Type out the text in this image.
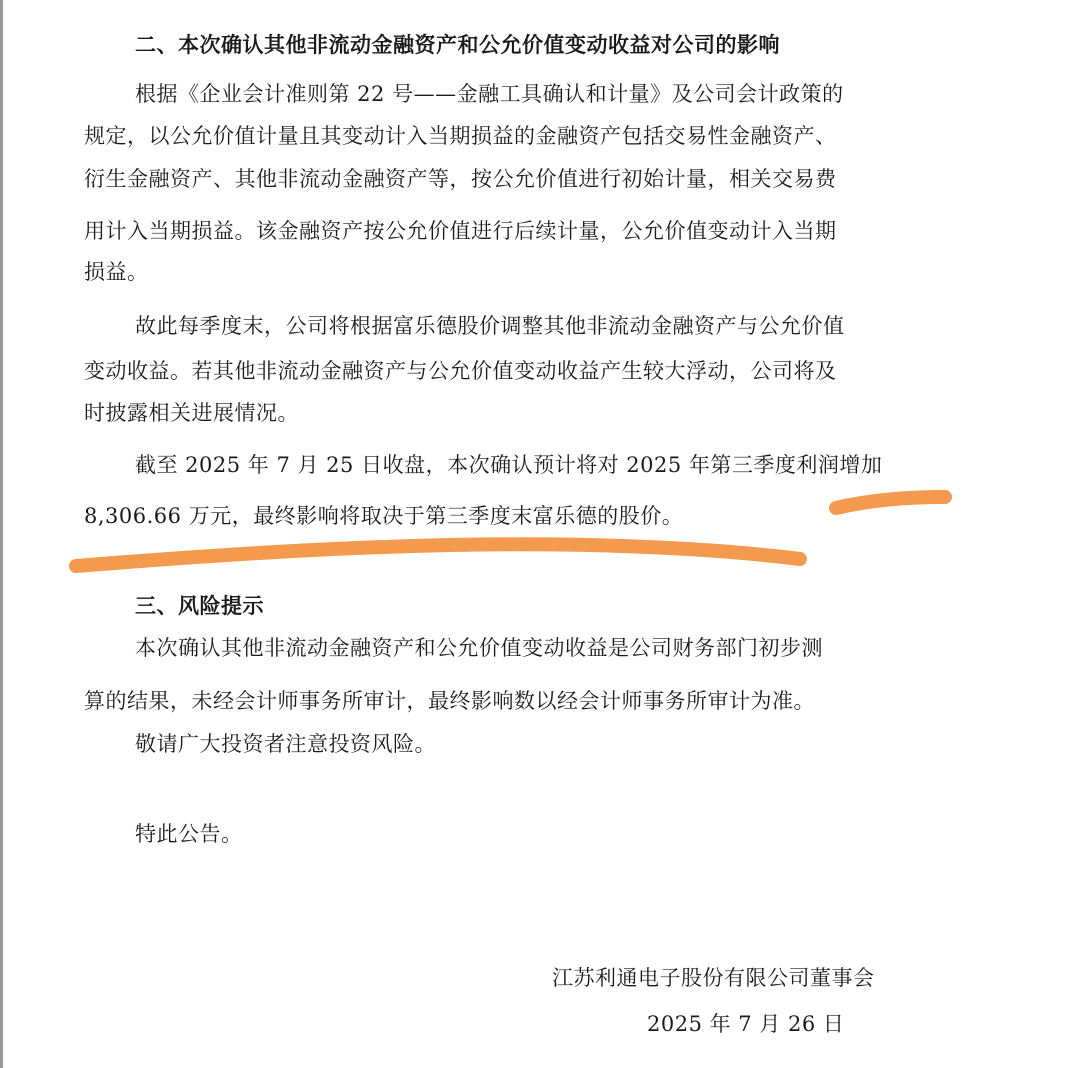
二、本次确认其他非流动金融资产和公允价值变动收益对公司的影响
根据《企业会计准则第 22 号——金融工具确认和计量》及公司会计政策的
规定，以公允价值计量且其变动计入当期损益的金融资产包括交易性金融资产、
衍生金融资产、其他非流动金融资产等，按公允价值进行初始计量，相关交易费
用计入当期损益。该金融资产按公允价值进行后续计量，公允价值变动计入当期
损益。
故此每季度末，公司将根据富乐德股价调整其他非流动金融资产与公允价值
变动收益。若其他非流动金融资产与公允价值变动收益产生较大浮动，公司将及
时披露相关进展情况。
截至 2025 年 7 月 25 日收盘，本次确认预计将对 2025 年第三季度利润增加
8,306.66 万元，最终影响将取决于第三季度末富乐德的股价。
三、风险提示
本次确认其他非流动金融资产和公允价值变动收益是公司财务部门初步测
算的结果，未经会计师事务所审计，最终影响数以经会计师事务所审计为准。
敬请广大投资者注意投资风险。
特此公告。
江苏利通电子股份有限公司董事会
2025 年 7 月 26 日
